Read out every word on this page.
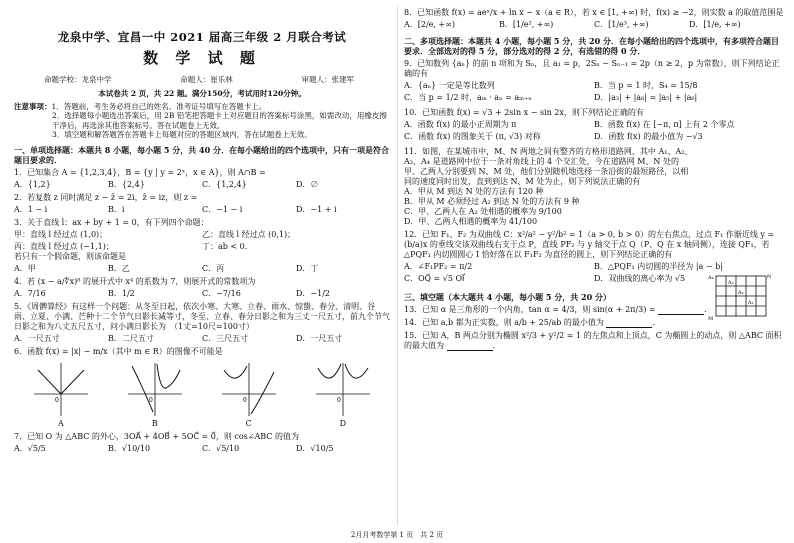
龙泉中学、宜昌一中 2021 届高三年级 2 月联合考试
数 学 试 题
命题学校：龙泉中学	命题人：崔乐林	审题人：张建军
本试卷共 2 页，共 22 题。满分150分，考试用时120分钟。
注意事项： 1．答题前，考生务必将自己的姓名、准考证号填写在答题卡上。
2．选择题每小题选出答案后，用 2B 铅笔把答题卡上对应题目的答案标号涂黑，如需改动，用橡皮擦干净后，再选涂其他答案标号。答在试题卷上无效。
3．填空题和解答题答在答题卡上每题对应的答题区域内，答在试题卷上无效。
一、单项选择题：本题共 8 小题，每小题 5 分，共 40 分．在每小题给出的四个选项中，只有一项是符合题目要求的．
1．已知集合 A = {1,2,3,4}，B = {y | y = 2ˣ，x ∈ A}，则 A∩B =
A．{1,2}	B．{2,4}	C．{1,2,4}	D．∅
2．若复数 z 同时满足 z − z̄ = 2i，z̄ = iz，则 z =
A．1 − i	B．i	C．−1 − i	D．−1 + i
3．关于直线 l：ax + by + 1 = 0，有下列四个命题：
甲：直线 l 经过点 (1,0)；	乙：直线 l 经过点 (0,1)；
丙：直线 l 经过点 (−1,1)；	丁：ab < 0．
若只有一个假命题，则该命题是
A．甲	B．乙	C．丙	D．丁
4．若 (x − a/∜x)⁸ 的展开式中 x⁴ 的系数为 7，则展开式的常数项为
A．7/16	B．1/2	C．−7/16	D．−1/2
5．《周髀算经》有这样一个问题：从冬至日起，依次小寒、大寒、立春、雨水、惊蛰、春分、清明、谷雨、立夏、小满、芒种十二个节气日影长减等寸，冬至、立春、春分日影之和为三丈一尺五寸，前九个节气日影之和为八丈五尺五寸，问小满日影长为　（1丈=10尺=100寸）
A．一尺五寸	B．二尺五寸	C．三尺五寸	D．一尺五寸
6．函数 f(x) = |x| − m/x（其中 m ∈ R）的图像不可能是
0	0	0	0
A	B	C	D
7．已知 O 为 △ABC 的外心，3OA⃗ + 4OB⃗ + 5OC⃗ = 0⃗，则 cos∠ABC 的值为
A．√5/5	B．√10/10	C．√5/10	D．√10/5
8．已知函数 f(x) = aeˣ/x + ln x − x（a ∈ R），若 x ∈ [1, +∞) 时，f(x) ≥ −2，则实数 a 的取值范围是
A．[2/e, +∞)	B．[1/e², +∞)	C．[1/e³, +∞)	D．[1/e, +∞)
二、多项选择题：本题共 4 小题，每小题 5 分，共 20 分．在每小题给出的四个选项中，有多项符合题目要求．全部选对的得 5 分，部分选对的得 2 分，有选错的得 0 分．
9．已知数列 {aₙ} 的前 n 项和为 Sₙ，且 a₁ = p，2Sₙ − Sₙ₋₁ = 2p（n ≥ 2，p 为常数），则下列结论正确的有
A．{aₙ} 一定是等比数列	B．当 p = 1 时，S₄ = 15/8
C．当 p = 1/2 时，aₘ · aₙ = aₘ₊ₙ	D．|a₃| + |a₈| = |a₅| + |a₆|
10．已知函数 f(x) = √3 + 2sin x − sin 2x，则下列结论正确的有
A．函数 f(x) 的最小正周期为 π	B．函数 f(x) 在 [−π, π] 上有 2 个零点
C．函数 f(x) 的图象关于 (π, √3) 对称	D．函数 f(x) 的最小值为 −√3
11．如图，在某城市中，M、N 两地之间有整齐的方格形道路网，其中 A₁、A₂、A₃、A₄ 是道路网中位于一条对角线上的 4 个交汇处，今在道路网 M、N 处的甲、乙两人分别要到 N、M 处，他们分别随机地选择一条沿街的最短路径，以相同的速度同时出发，直到到达 N、M 处为止，则下列说法正确的有
A．甲从 M 到达 N 处的方法有 120 种
B．甲从 M 必须经过 A₂ 到达 N 处的方法有 9 种
C．甲、乙两人在 A₂ 处相遇的概率为 9/100
D．甲、乙两人相遇的概率为 41/100
12．已知 F₁、F₂ 为双曲线 C：x²/a² − y²/b² = 1（a > 0, b > 0）的左右焦点，过点 F₁ 作渐近线 y = (b/a)x 的垂线交该双曲线右支于点 P，直线 PF₂ 与 y 轴交于点 Q（P、Q 在 x 轴同侧），连接 QF₁，若 △PQF₁ 内切圆圆心 I 恰好落在以 F₁F₂ 为直径的圆上，则下列结论正确的有
A．∠F₁PF₂ = π/2	B．△PQF₁ 内切圆的半径为 |a − b|
C．OQ⃗ = √5 OI⃗	D．双曲线的离心率为 √5
三、填空题（本大题共 4 小题，每小题 5 分，共 20 分）
13．已知 α 是三角形的一个内角，tan α = 4/3，则 sin(α + 2π/3) =	.
14．已知 a,b 都为正实数，则 a/b + 25/ab 的最小值为	.
15．已知 A，B 两点分别为椭圆 x²/3 + y²/2 = 1 的左焦点和上顶点，C 为椭圆上的动点，则 △ABC 面积的最大值为	.
A₄
A₃
A₂
A₁
M
N
2月月考数学第 1 页　共 2 页
